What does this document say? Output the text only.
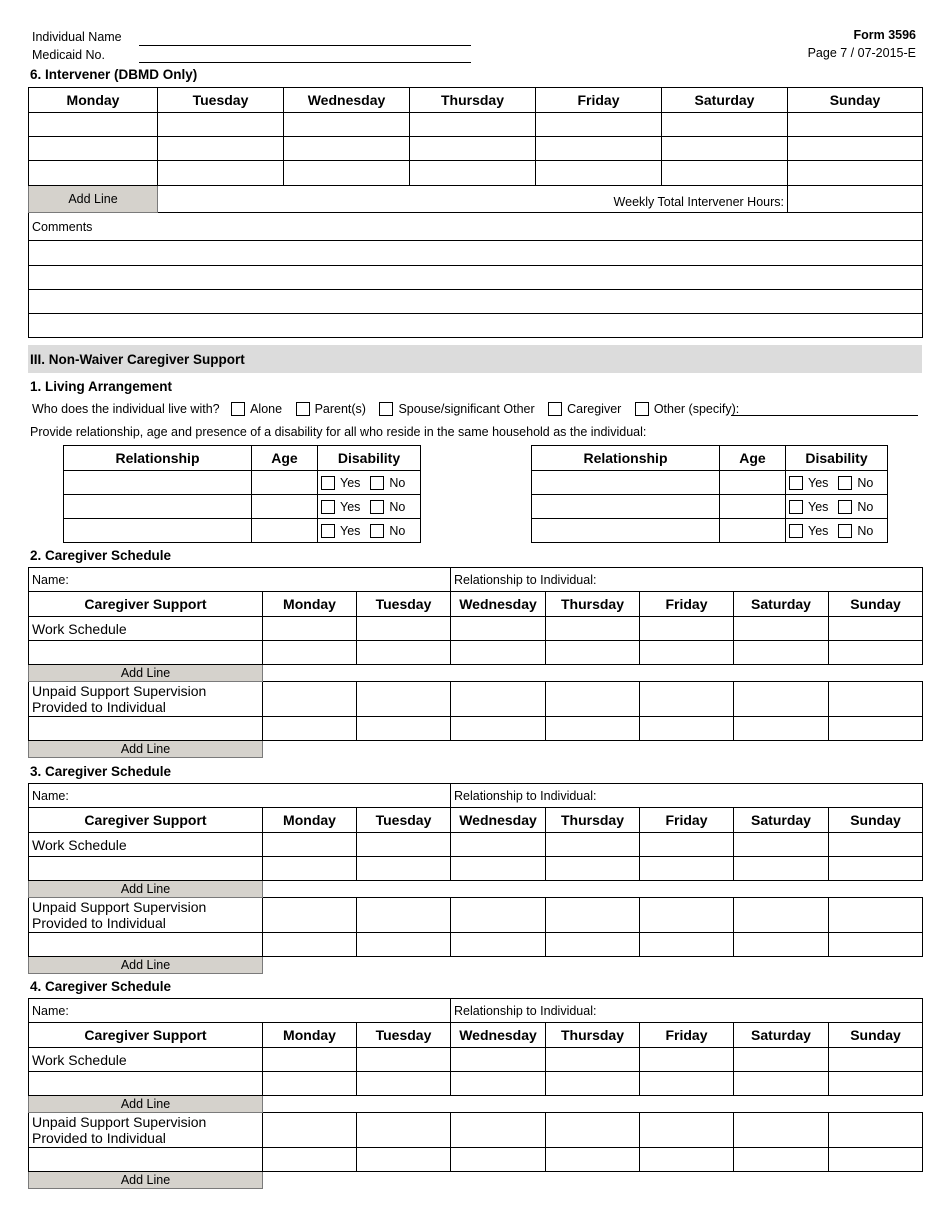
Individual Name
Medicaid No.
Form 3596
Page 7 / 07-2015-E
6. Intervener (DBMD Only)
Monday	Tuesday	Wednesday	Thursday	Friday	Saturday	Sunday

Add Line	Weekly Total Intervener Hours:					
Comments						

III. Non-Waiver Caregiver Support
1. Living Arrangement
Who does the individual live with? Alone	Parent(s)	Spouse/significant Other	Caregiver	Other (specify):
Provide relationship, age and presence of a disability for all who reside in the same household as the individual:
Relationship	Age	Disability
		Yes No
		Yes No
		Yes No
Relationship	Age	Disability
		Yes No
		Yes No
		Yes No
2. Caregiver Schedule
Name:			Relationship to Individual:				
Caregiver Support	Monday	Tuesday	Wednesday	Thursday	Friday	Saturday	Sunday
Work Schedule							

Add Line							
Unpaid Support Supervision
Provided to Individual							

Add Line							
3. Caregiver Schedule
Name:			Relationship to Individual:				
Caregiver Support	Monday	Tuesday	Wednesday	Thursday	Friday	Saturday	Sunday
Work Schedule							

Add Line							
Unpaid Support Supervision
Provided to Individual							

Add Line							
4. Caregiver Schedule
Name:			Relationship to Individual:				
Caregiver Support	Monday	Tuesday	Wednesday	Thursday	Friday	Saturday	Sunday
Work Schedule							

Add Line							
Unpaid Support Supervision
Provided to Individual							

Add Line							
